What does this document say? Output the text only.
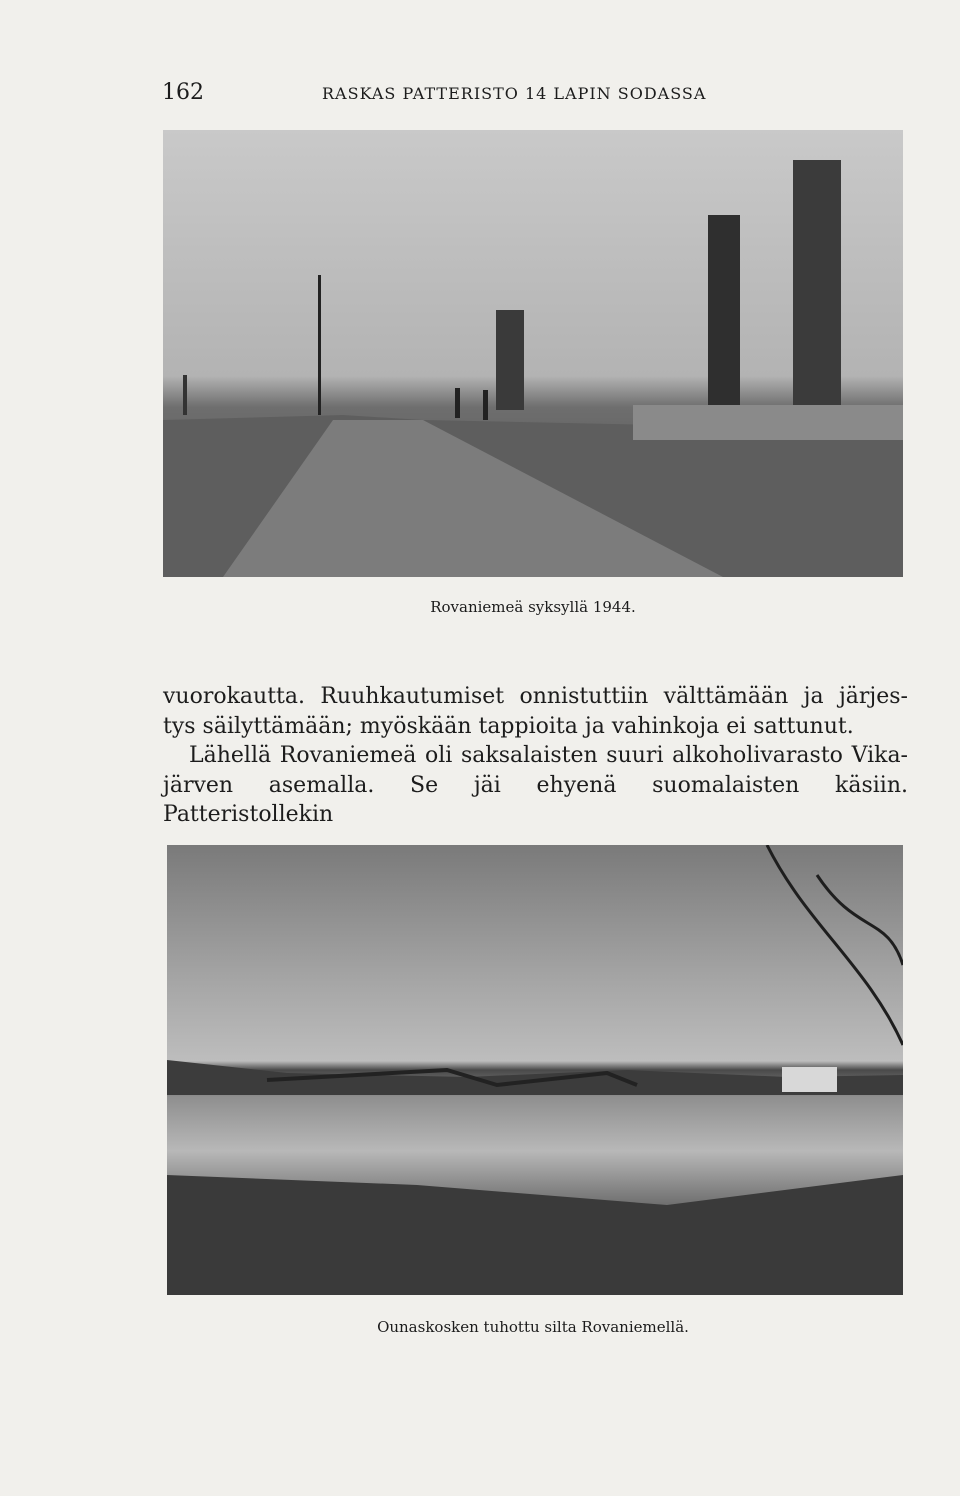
162	RASKAS PATTERISTO 14 LAPIN SODASSA
Rovaniemeä syksyllä 1944.

vuorokautta. Ruuhkautumiset onnistuttiin välttämään ja järjes-

tys säilyttämään; myöskään tappioita ja vahinkoja ei sattunut.

Lähellä Rovaniemeä oli saksalaisten suuri alkoholivarasto Vika-

järven asemalla. Se jäi ehyenä suomalaisten käsiin. Patteristollekin

Ounaskosken tuhottu silta Rovaniemellä.
